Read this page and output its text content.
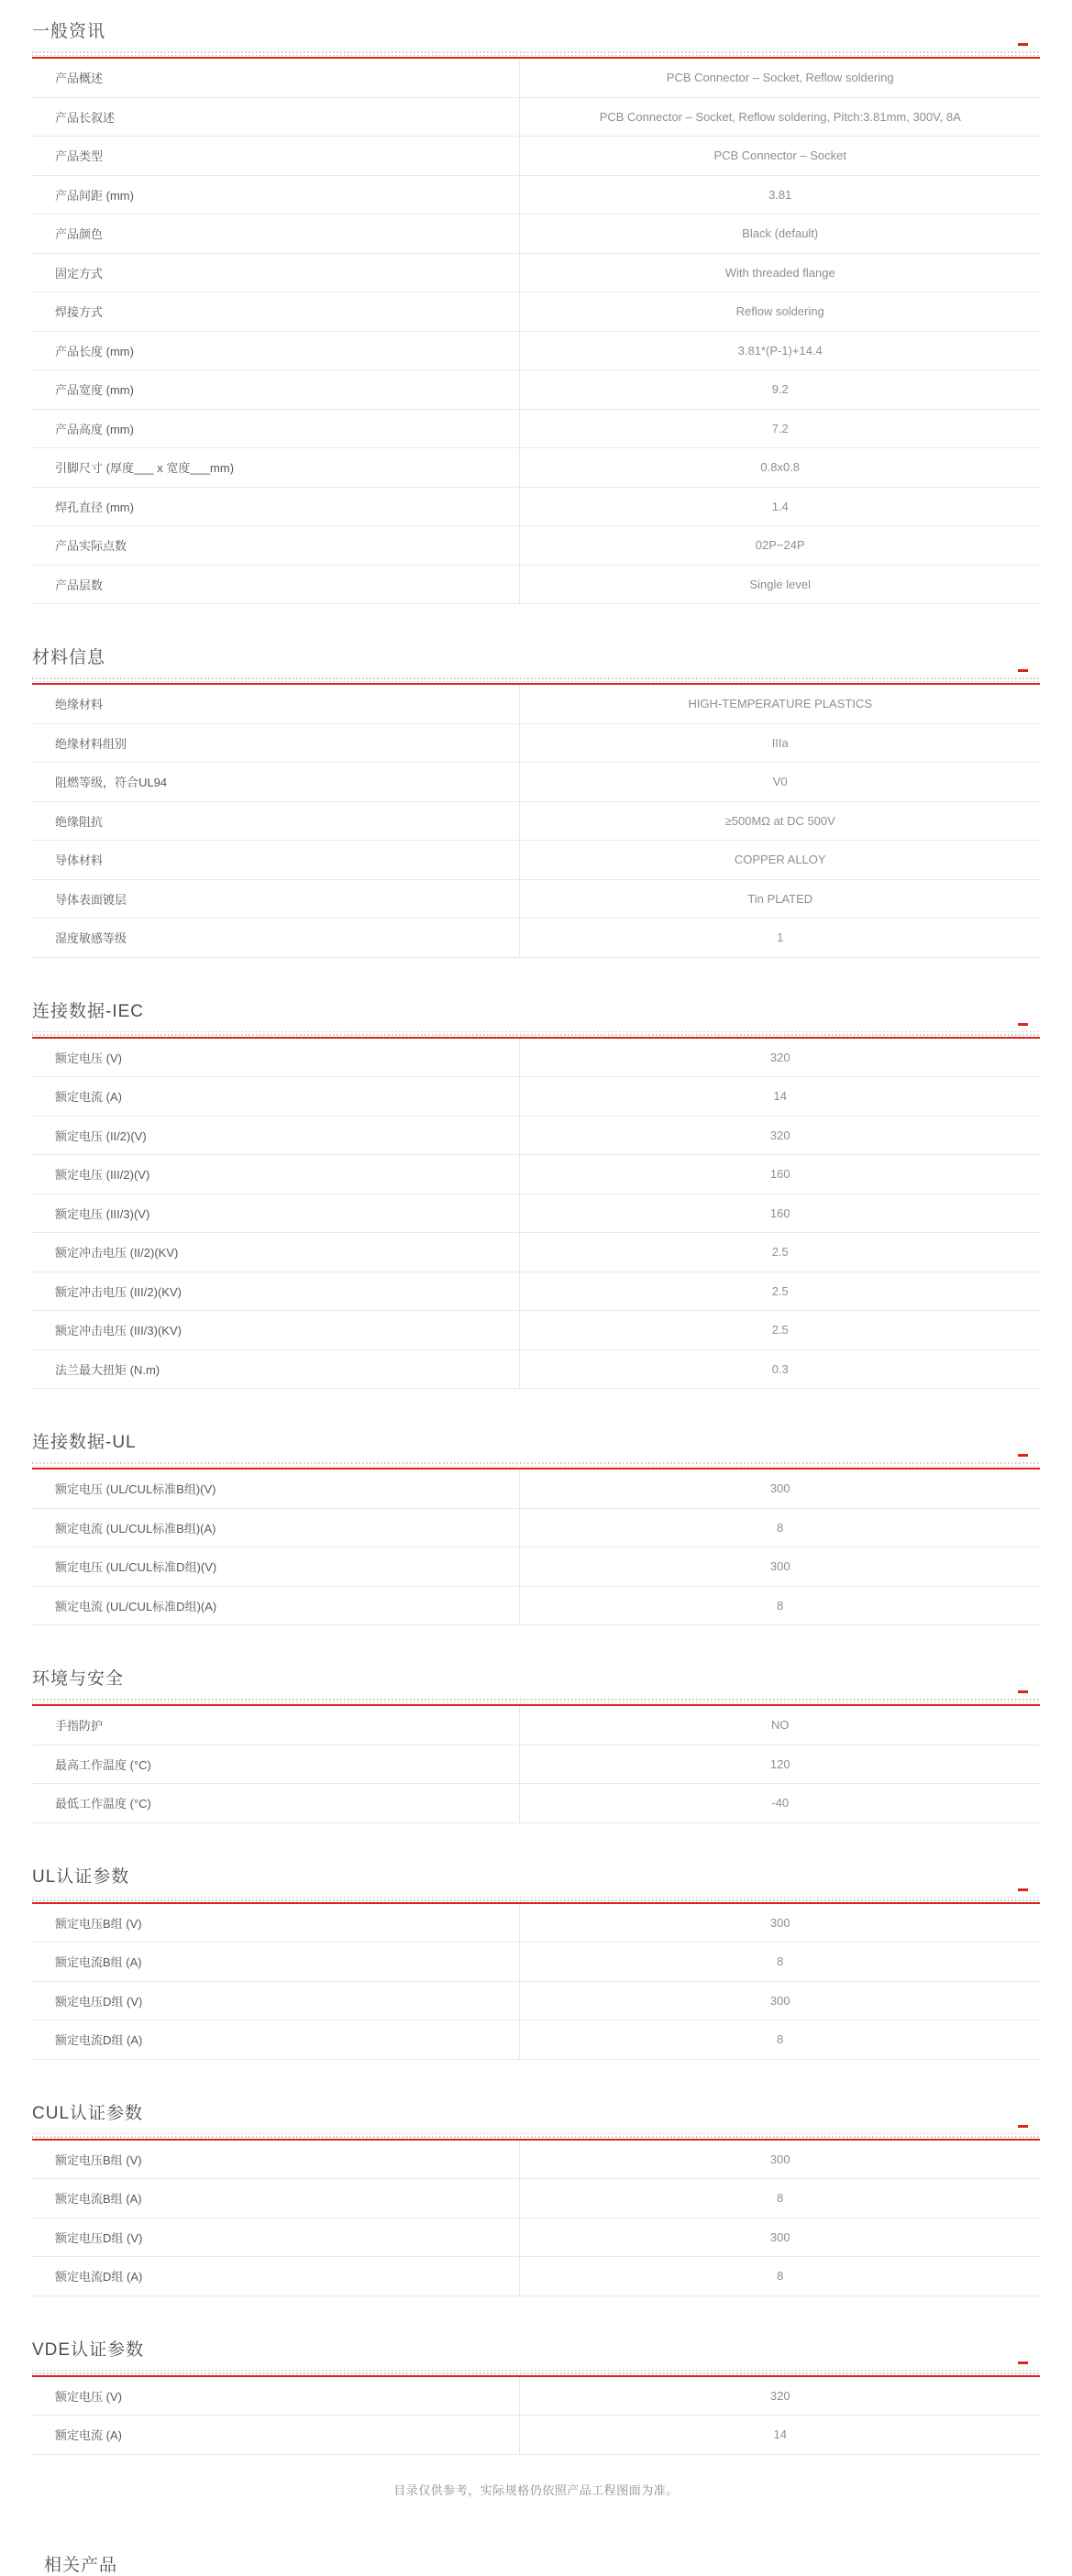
一般资讯
产品概述	PCB Connector – Socket, Reflow soldering
产品长叙述	PCB Connector – Socket, Reflow soldering, Pitch:3.81mm, 300V, 8A
产品类型	PCB Connector – Socket
产品间距 (mm)	3.81
产品颜色	Black (default)
固定方式	With threaded flange
焊接方式	Reflow soldering
产品长度 (mm)	3.81*(P-1)+14.4
产品宽度 (mm)	9.2
产品高度 (mm)	7.2
引脚尺寸 (厚度___ x 宽度___mm)	0.8x0.8
焊孔直径 (mm)	1.4
产品实际点数	02P~24P
产品层数	Single level
材料信息
绝缘材料	HIGH-TEMPERATURE PLASTICS
绝缘材料组别	IIIa
阻燃等级，符合UL94	V0
绝缘阻抗	≥500MΩ at DC 500V
导体材料	COPPER ALLOY
导体表面镀层	Tin PLATED
湿度敏感等级	1
连接数据-IEC
额定电压 (V)	320
额定电流 (A)	14
额定电压 (II/2)(V)	320
额定电压 (III/2)(V)	160
额定电压 (III/3)(V)	160
额定冲击电压 (II/2)(KV)	2.5
额定冲击电压 (III/2)(KV)	2.5
额定冲击电压 (III/3)(KV)	2.5
法兰最大扭矩 (N.m)	0.3
连接数据-UL
额定电压 (UL/CUL标准B组)(V)	300
额定电流 (UL/CUL标准B组)(A)	8
额定电压 (UL/CUL标准D组)(V)	300
额定电流 (UL/CUL标准D组)(A)	8
环境与安全
手指防护	NO
最高工作温度 (°C)	120
最低工作温度 (°C)	-40
UL认证参数
额定电压B组 (V)	300
额定电流B组 (A)	8
额定电压D组 (V)	300
额定电流D组 (A)	8
CUL认证参数
额定电压B组 (V)	300
额定电流B组 (A)	8
额定电压D组 (V)	300
额定电流D组 (A)	8
VDE认证参数
额定电压 (V)	320
额定电流 (A)	14

目录仅供参考，实际规格仍依照产品工程图面为准。

相关产品
